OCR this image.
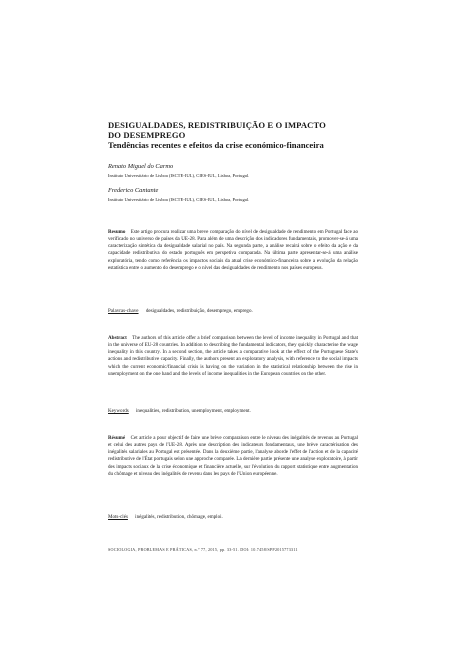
DESIGUALDADES, REDISTRIBUIÇÃO E O IMPACTO

DO DESEMPREGO

Tendências recentes e efeitos da crise económico-financeira

Renato Miguel do Carmo
Instituto Universitário de Lisboa (ISCTE-IUL), CIES-IUL, Lisboa, Portugal.
Frederico Cantante
Instituto Universitário de Lisboa (ISCTE-IUL), CIES-IUL, Lisboa, Portugal.
Resumo Este artigo procura realizar uma breve comparação do nível de desigualdade de rendimento em Portugal face ao verificado no universo de países da UE-28. Para além de uma descrição dos indicadores fundamentais, promover-se-á uma caracterização sintética da desigualdade salarial no país. Na segunda parte, a análise recairá sobre o efeito da ação e da capacidade redistributiva do estado português em perspetiva comparada. Na última parte apresentar-se-á uma análise exploratória, tendo como referência os impactos sociais da atual crise económico-financeira sobre a evolução da relação estatística entre o aumento do desemprego e o nível das desigualdades de rendimento nos países europeus.
Palavras-chave desigualdades, redistribuição, desemprego, emprego.
Abstract The authors of this article offer a brief comparison between the level of income inequality in Portugal and that in the universe of EU-28 countries. In addition to describing the fundamental indicators, they quickly characterise the wage inequality in this country. In a second section, the article takes a comparative look at the effect of the Portuguese State's actions and redistributive capacity. Finally, the authors present an exploratory analysis, with reference to the social impacts which the current economic/financial crisis is having on the variation in the statistical relationship between the rise in unemployment on the one hand and the levels of income inequalities in the European countries on the other.
Keywords inequalities, redistribution, unemployment, employment.
Résumé Cet article a pour objectif de faire une brève comparaison entre le niveau des inégalités de revenus au Portugal et celui des autres pays de l'UE-28. Après une description des indicateurs fondamentaux, une brève caractérisation des inégalités salariales au Portugal est présentée. Dans la deuxième partie, l'analyse aborde l'effet de l'action et de la capacité redistributive de l'État portugais selon une approche comparée. La dernière partie présente une analyse exploratoire, à partir des impacts sociaux de la crise économique et financière actuelle, sur l'évolution du rapport statistique entre augmentation du chômage et niveau des inégalités de revenu dans les pays de l'Union européenne.
Mots-clés inégalités, redistribution, chômage, emploi.
SOCIOLOGIA, PROBLEMAS E PRÁTICAS, n.º 77, 2015, pp. 33-51. DOI: 10.7458/SPP2015773311
